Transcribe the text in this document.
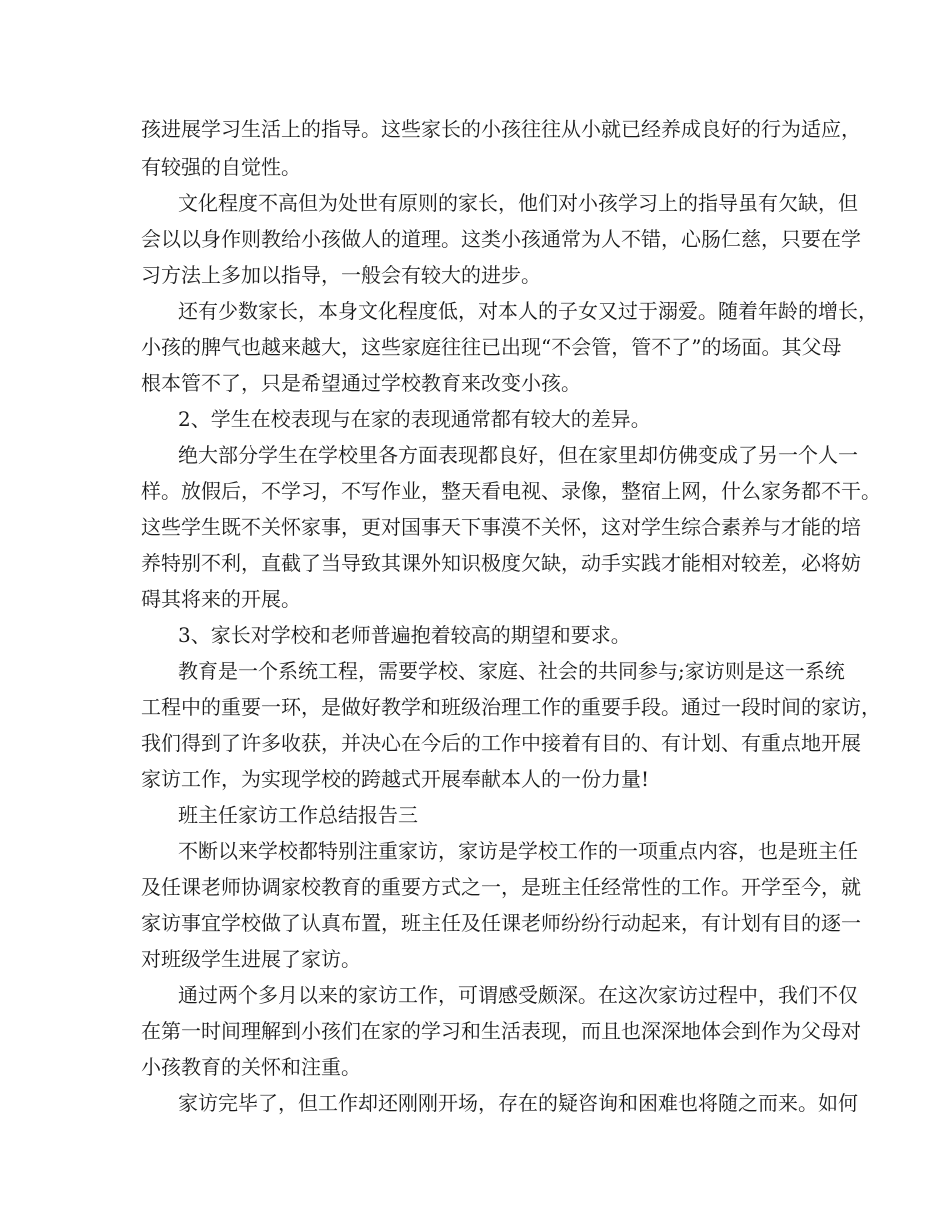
孩进展学习生活上的指导。这些家长的小孩往往从小就已经养成良好的行为适应，
有较强的自觉性。
文化程度不高但为处世有原则的家长，他们对小孩学习上的指导虽有欠缺，但
会以以身作则教给小孩做人的道理。这类小孩通常为人不错，心肠仁慈，只要在学
习方法上多加以指导，一般会有较大的进步。
还有少数家长，本身文化程度低，对本人的子女又过于溺爱。随着年龄的增长，
小孩的脾气也越来越大，这些家庭往往已出现“不会管，管不了”的场面。其父母
根本管不了，只是希望通过学校教育来改变小孩。
2、学生在校表现与在家的表现通常都有较大的差异。
绝大部分学生在学校里各方面表现都良好，但在家里却仿佛变成了另一个人一
样。放假后，不学习，不写作业，整天看电视、录像，整宿上网，什么家务都不干。
这些学生既不关怀家事，更对国事天下事漠不关怀，这对学生综合素养与才能的培
养特别不利，直截了当导致其课外知识极度欠缺，动手实践才能相对较差，必将妨
碍其将来的开展。
3、家长对学校和老师普遍抱着较高的期望和要求。
教育是一个系统工程，需要学校、家庭、社会的共同参与;家访则是这一系统
工程中的重要一环，是做好教学和班级治理工作的重要手段。通过一段时间的家访，
我们得到了许多收获，并决心在今后的工作中接着有目的、有计划、有重点地开展
家访工作，为实现学校的跨越式开展奉献本人的一份力量!
班主任家访工作总结报告三
不断以来学校都特别注重家访，家访是学校工作的一项重点内容，也是班主任
及任课老师协调家校教育的重要方式之一，是班主任经常性的工作。开学至今，就
家访事宜学校做了认真布置，班主任及任课老师纷纷行动起来，有计划有目的逐一
对班级学生进展了家访。
通过两个多月以来的家访工作，可谓感受颇深。在这次家访过程中，我们不仅
在第一时间理解到小孩们在家的学习和生活表现，而且也深深地体会到作为父母对
小孩教育的关怀和注重。
家访完毕了，但工作却还刚刚开场，存在的疑咨询和困难也将随之而来。如何
